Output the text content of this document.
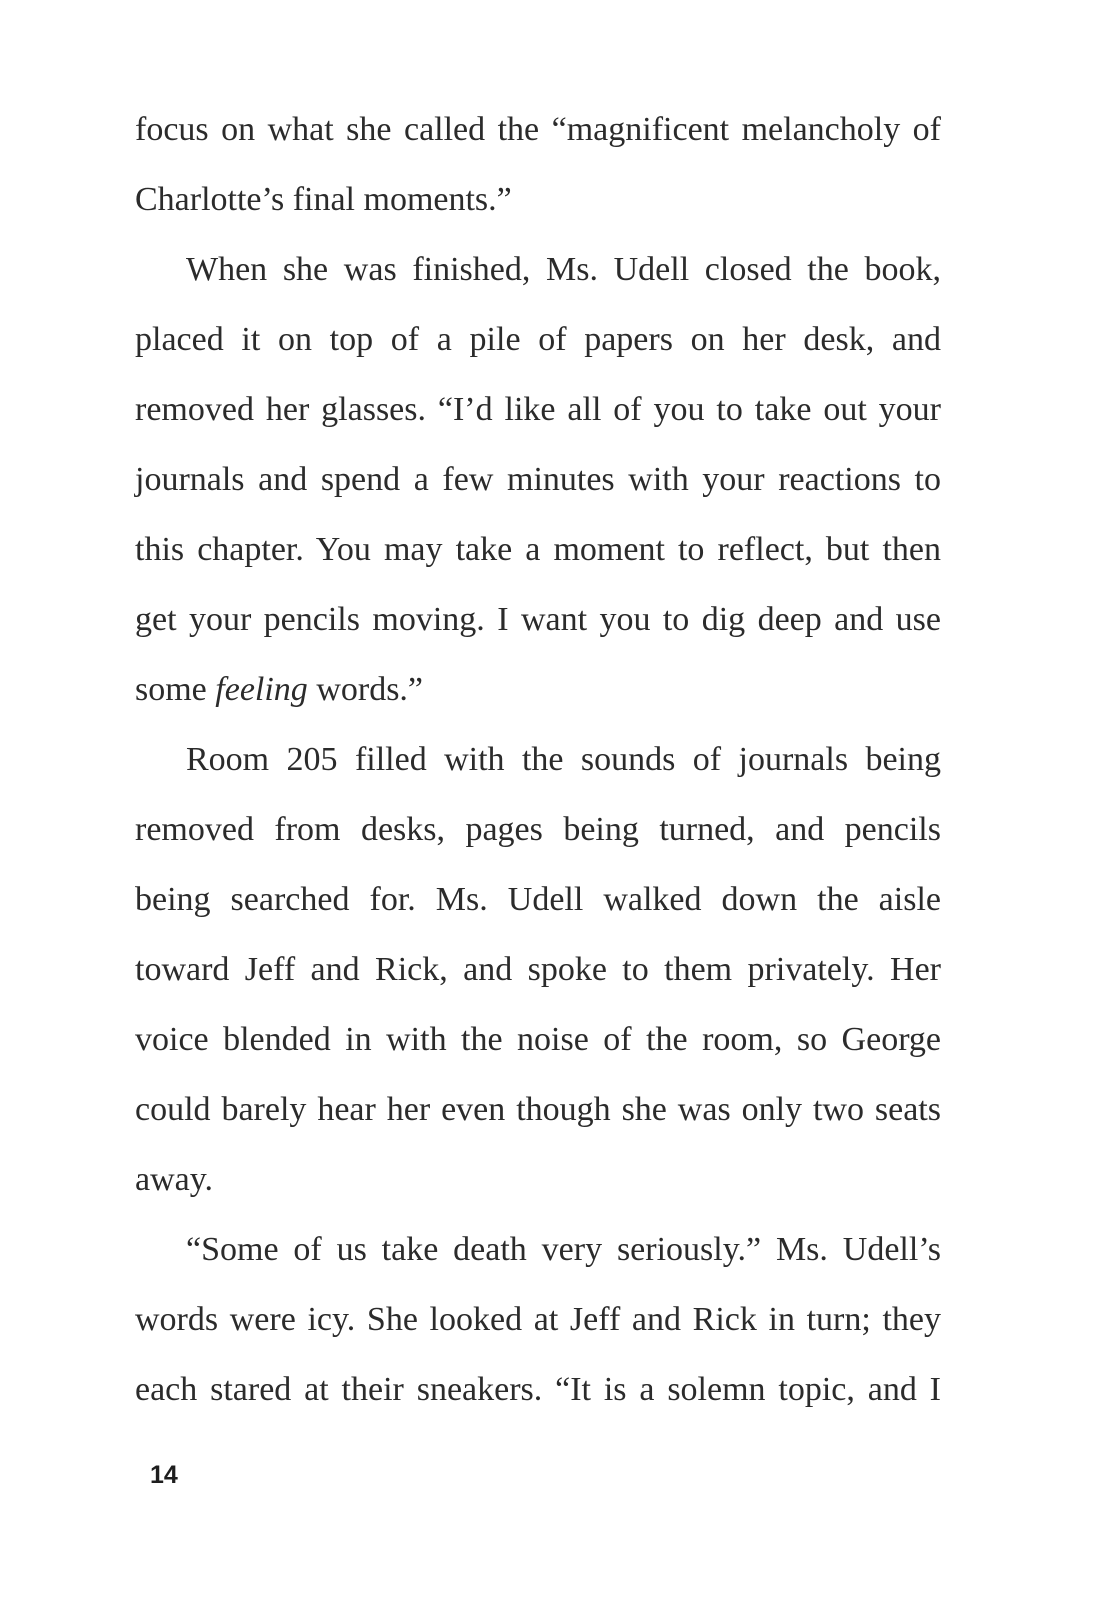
focus on what she called the “magnificent melancholy of Charlotte’s final moments.”

When she was finished, Ms. Udell closed the book, placed it on top of a pile of papers on her desk, and removed her glasses. “I’d like all of you to take out your journals and spend a few minutes with your reactions to this chapter. You may take a moment to reflect, but then get your pencils moving. I want you to dig deep and use some feeling words.”

Room 205 filled with the sounds of journals being removed from desks, pages being turned, and pencils being searched for. Ms. Udell walked down the aisle toward Jeff and Rick, and spoke to them privately. Her voice blended in with the noise of the room, so George could barely hear her even though she was only two seats away.

“Some of us take death very seriously.” Ms. Udell’s words were icy. She looked at Jeff and Rick in turn; they each stared at their sneakers. “It is a solemn topic, and I

14
